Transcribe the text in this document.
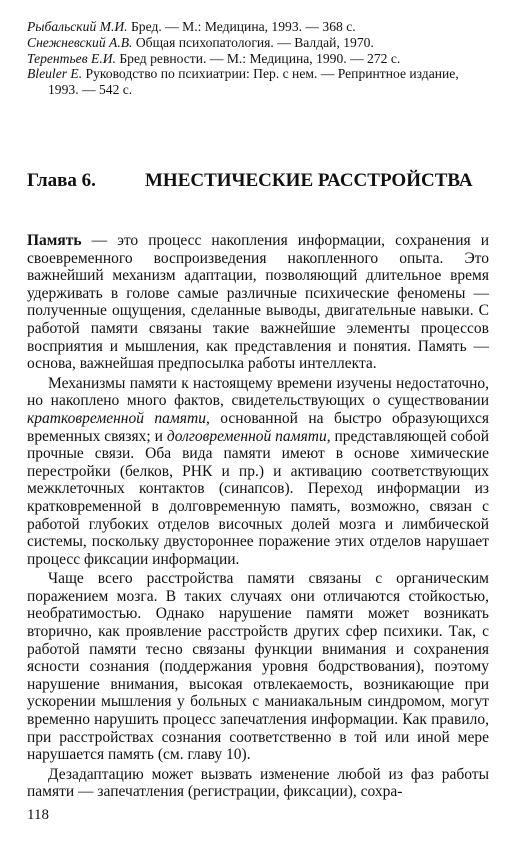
Рыбальский М.И. Бред. — М.: Медицина, 1993. — 368 с.

Снежневский А.В. Общая психопатология. — Валдай, 1970.

Терентьев Е.И. Бред ревности. — М.: Медицина, 1990. — 272 с.

Bleuler E. Руководство по психиатрии: Пер. с нем. — Репринтное издание, 1993. — 542 с.

Глава 6.	МНЕСТИЧЕСКИЕ РАССТРОЙСТВА

Память — это процесс накопления информации, сохранения и своевременного воспроизведения накопленного опыта. Это важнейший механизм адаптации, позволяющий длительное время удерживать в голове самые различные психические феномены — полученные ощущения, сделанные выводы, двигательные навыки. С работой памяти связаны такие важнейшие элементы процессов восприятия и мышления, как представления и понятия. Память — основа, важнейшая предпосылка работы интеллекта.

Механизмы памяти к настоящему времени изучены недостаточно, но накоплено много фактов, свидетельствующих о существовании кратковременной памяти, основанной на быстро образующихся временных связях; и долговременной памяти, представляющей собой прочные связи. Оба вида памяти имеют в основе химические перестройки (белков, РНК и пр.) и активацию соответствующих межклеточных контактов (синапсов). Переход информации из кратковременной в долговременную память, возможно, связан с работой глубоких отделов височных долей мозга и лимбической системы, поскольку двустороннее поражение этих отделов нарушает процесс фиксации информации.

Чаще всего расстройства памяти связаны с органическим поражением мозга. В таких случаях они отличаются стойкостью, необратимостью. Однако нарушение памяти может возникать вторично, как проявление расстройств других сфер психики. Так, с работой памяти тесно связаны функции внимания и сохранения ясности сознания (поддержания уровня бодрствования), поэтому нарушение внимания, высокая отвлекаемость, возникающие при ускорении мышления у больных с маниакальным синдромом, могут временно нарушить процесс запечатления информации. Как правило, при расстройствах сознания соответственно в той или иной мере нарушается память (см. главу 10).

Дезадаптацию может вызвать изменение любой из фаз работы памяти — запечатления (регистрации, фиксации), сохра-

118
